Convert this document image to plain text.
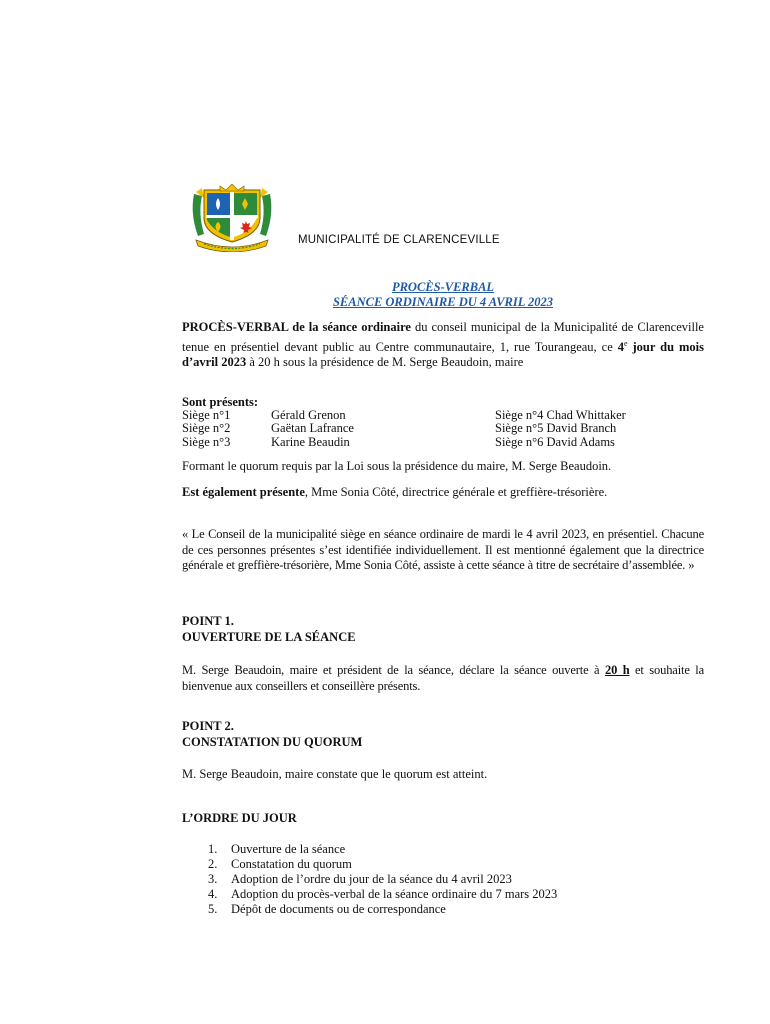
MUNICIPALITÉ DE CLARENCEVILLE
PROCÈS-VERBAL
SÉANCE ORDINAIRE DU 4 AVRIL 2023
PROCÈS-VERBAL de la séance ordinaire du conseil municipal de la Municipalité de Clarenceville tenue en présentiel devant public au Centre communautaire, 1, rue Tourangeau, ce 4e jour du mois d’avril 2023 à 20 h sous la présidence de M. Serge Beaudoin, maire
Sont présents:
Siège n°1	Gérald Grenon	Siège n°4 Chad Whittaker
Siège n°2	Gaëtan Lafrance	Siège n°5 David Branch
Siège n°3	Karine Beaudin	Siège n°6 David Adams
Formant le quorum requis par la Loi sous la présidence du maire, M. Serge Beaudoin.
Est également présente, Mme Sonia Côté, directrice générale et greffière-trésorière.
« Le Conseil de la municipalité siège en séance ordinaire de mardi le 4 avril 2023, en présentiel. Chacune de ces personnes présentes s’est identifiée individuellement. Il est mentionné également que la directrice générale et greffière-trésorière, Mme Sonia Côté, assiste à cette séance à titre de secrétaire d’assemblée. »
POINT 1.
OUVERTURE DE LA SÉANCE
M. Serge Beaudoin, maire et président de la séance, déclare la séance ouverte à 20 h et souhaite la bienvenue aux conseillers et conseillère présents.
POINT 2.
CONSTATATION DU QUORUM
M. Serge Beaudoin, maire constate que le quorum est atteint.
L’ORDRE DU JOUR
1. Ouverture de la séance
2. Constatation du quorum
3. Adoption de l’ordre du jour de la séance du 4 avril 2023
4. Adoption du procès-verbal de la séance ordinaire du 7 mars 2023
5. Dépôt de documents ou de correspondance
